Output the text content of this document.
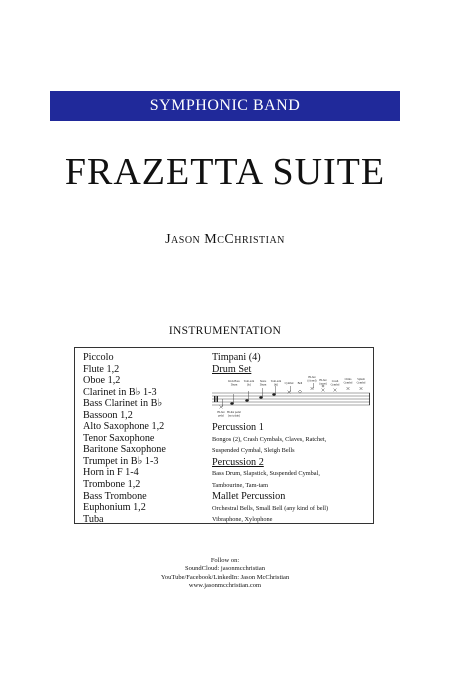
SYMPHONIC BAND
FRAZETTA SUITE
Jason McChristian
INSTRUMENTATION
Piccolo
Flute 1,2
Oboe 1,2
Clarinet in B♭ 1-3
Bass Clarinet in B♭
Bassoon 1,2
Alto Saxophone 1,2
Tenor Saxophone
Baritone Saxophone
Trumpet in B♭ 1-3
Horn in F 1-4
Trombone 1,2
Bass Trombone
Euphonium 1,2
Tuba
Timpani (4)
Drum Set
Kick Bass
Drum
Tom-tom
(lo)
Snare
Drum
Tom-tom
(hi) Cymbal Bell
Hi-hat
(closed) Hi-hat
(open)
Crash
Cymbal
China
Cymbal
Splash
Cymbal
Hi-hat
pedal
Hi-hat pedal
(not plain)
Percussion 1
Bongos (2), Crash Cymbals, Claves, Ratchet,
Suspended Cymbal, Sleigh Bells
Percussion 2
Bass Drum, Slapstick, Suspended Cymbal,
Tambourine, Tam-tam
Mallet Percussion
Orchestral Bells, Small Bell (any kind of bell)
Vibraphone, Xylophone
Follow on:
SoundCloud: jasonmcchristian
YouTube/Facebook/LinkedIn: Jason McChristian
www.jasonmcchristian.com
